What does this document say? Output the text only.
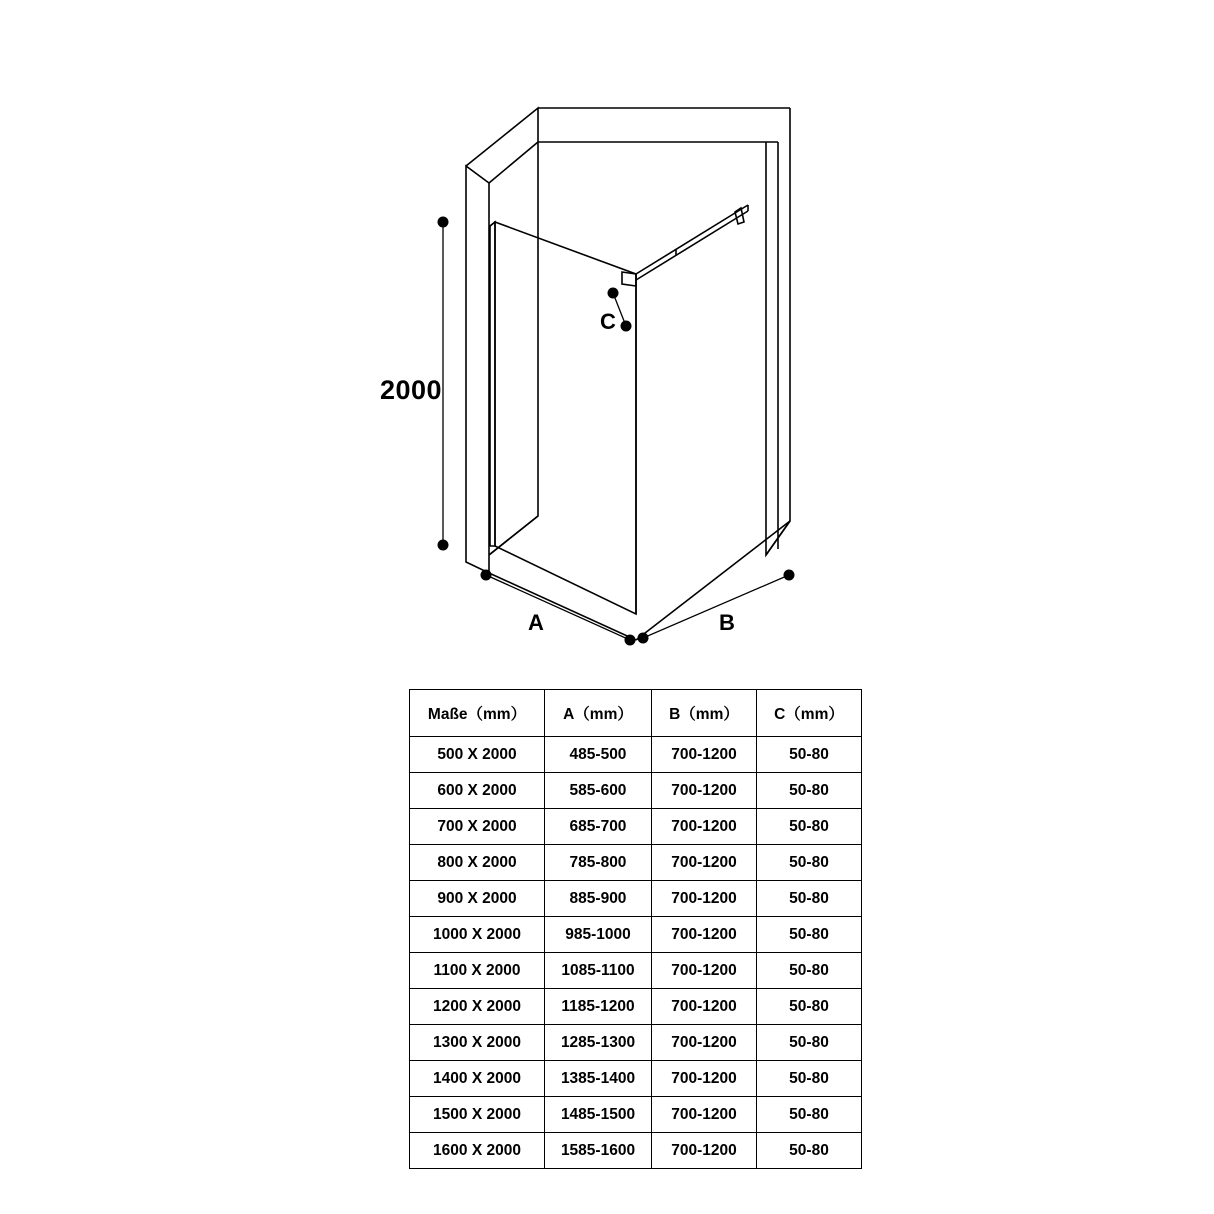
2000
A	B
C
Maße（mm）	A（mm）	B（mm）	C（mm）
500 X 2000	485-500	700-1200	50-80
600 X 2000	585-600	700-1200	50-80
700 X 2000	685-700	700-1200	50-80
800 X 2000	785-800	700-1200	50-80
900 X 2000	885-900	700-1200	50-80
1000 X 2000	985-1000	700-1200	50-80
1100 X 2000	1085-1100	700-1200	50-80
1200 X 2000	1185-1200	700-1200	50-80
1300 X 2000	1285-1300	700-1200	50-80
1400 X 2000	1385-1400	700-1200	50-80
1500 X 2000	1485-1500	700-1200	50-80
1600 X 2000	1585-1600	700-1200	50-80
